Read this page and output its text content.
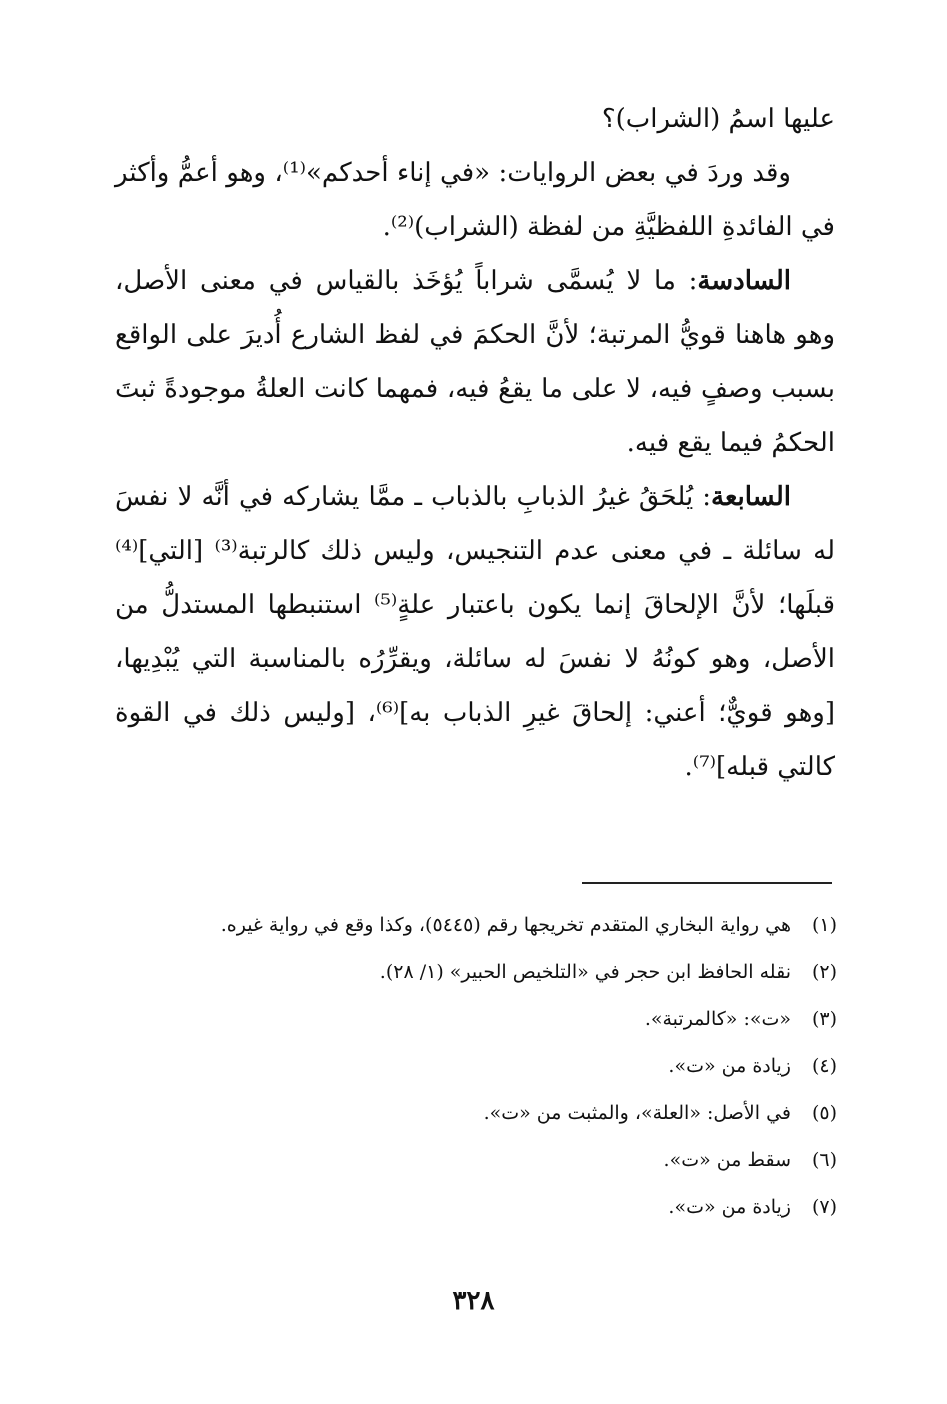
عليها اسمُ (الشراب)؟

وقد وردَ في بعض الروايات: «في إناء أحدكم»⁽¹⁾، وهو أعمُّ وأكثر في الفائدةِ اللفظيَّةِ من لفظة (الشراب)⁽²⁾.

السادسة: ما لا يُسمَّى شراباً يُؤخَذ بالقياس في معنى الأصل، وهو هاهنا قويُّ المرتبة؛ لأنَّ الحكمَ في لفظ الشارع أُديرَ على الواقع بسبب وصفٍ فيه، لا على ما يقعُ فيه، فمهما كانت العلةُ موجودةً ثبتَ الحكمُ فيما يقع فيه.

السابعة: يُلحَقُ غيرُ الذبابِ بالذباب ـ ممَّا يشاركه في أنَّه لا نفسَ له سائلة ـ في معنى عدم التنجيس، وليس ذلك كالرتبة⁽³⁾ [التي]⁽⁴⁾ قبلَها؛ لأنَّ الإلحاقَ إنما يكون باعتبار علةٍ⁽⁵⁾ استنبطها المستدلُّ من الأصل، وهو كونُهُ لا نفسَ له سائلة، ويقرِّرُه بالمناسبة التي يُبْدِيها، [وهو قويٌّ؛ أعني: إلحاقَ غيرِ الذباب به]⁽⁶⁾، [وليس ذلك في القوة كالتي قبله]⁽⁷⁾.

(١)هي رواية البخاري المتقدم تخريجها رقم (٥٤٤٥)، وكذا وقع في رواية غيره.
(٢)نقله الحافظ ابن حجر في «التلخيص الحبير» (١/ ٢٨).
(٣)«ت»: «كالمرتبة».
(٤)زيادة من «ت».
(٥)في الأصل: «العلة»، والمثبت من «ت».
(٦)سقط من «ت».
(٧)زيادة من «ت».
٣٢٨
